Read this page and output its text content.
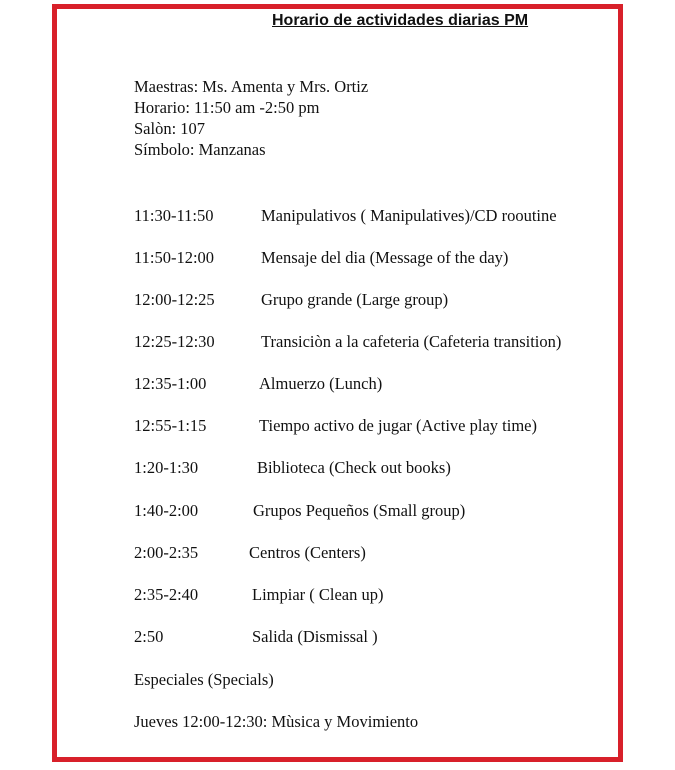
Horario de actividades diarias PM
Maestras: Ms. Amenta y Mrs. Ortiz
Horario: 11:50 am -2:50 pm
Salòn: 107
Símbolo: Manzanas
11:30-11:50	Manipulativos ( Manipulatives)/CD rooutine
11:50-12:00	Mensaje del dia (Message of the day)
12:00-12:25	Grupo grande (Large group)
12:25-12:30	Transiciòn a la cafeteria (Cafeteria transition)
12:35-1:00	Almuerzo (Lunch)
12:55-1:15	Tiempo activo de jugar (Active play time)
1:20-1:30	Biblioteca (Check out books)
1:40-2:00	Grupos Pequeños (Small group)
2:00-2:35	Centros (Centers)
2:35-2:40	Limpiar ( Clean up)
2:50	Salida (Dismissal )
Especiales (Specials)
Jueves 12:00-12:30: Mùsica y Movimiento
